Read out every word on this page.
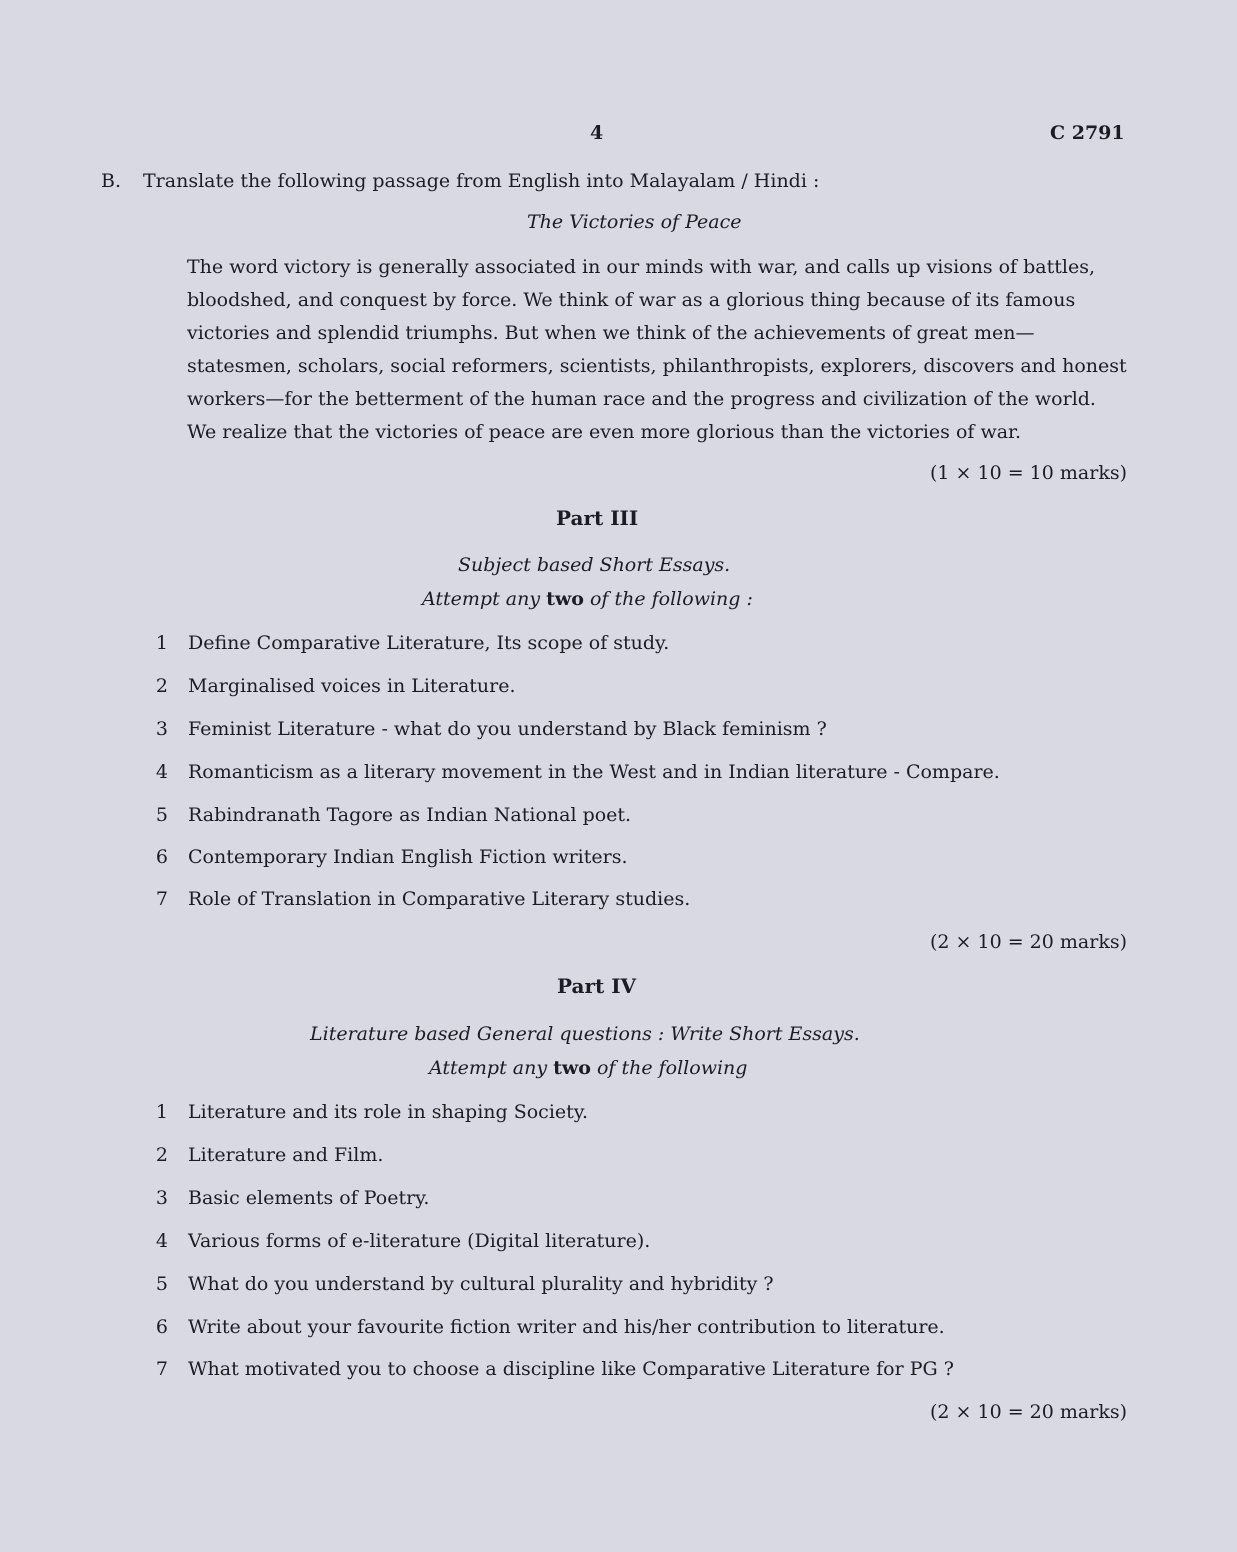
4	C 2791
B. Translate the following passage from English into Malayalam / Hindi :
The Victories of Peace

The word victory is generally associated in our minds with war, and calls up visions of battles,

bloodshed, and conquest by force. We think of war as a glorious thing because of its famous

victories and splendid triumphs. But when we think of the achievements of great men—

statesmen, scholars, social reformers, scientists, philanthropists, explorers, discovers and honest

workers—for the betterment of the human race and the progress and civilization of the world.

We realize that the victories of peace are even more glorious than the victories of war.

(1 × 10 = 10 marks)
Part III
Subject based Short Essays.
Attempt any two of the following :
1 Define Comparative Literature, Its scope of study.
2 Marginalised voices in Literature.
3 Feminist Literature - what do you understand by Black feminism ?
4 Romanticism as a literary movement in the West and in Indian literature - Compare.
5 Rabindranath Tagore as Indian National poet.
6 Contemporary Indian English Fiction writers.
7 Role of Translation in Comparative Literary studies.
(2 × 10 = 20 marks)
Part IV
Literature based General questions : Write Short Essays.
Attempt any two of the following
1 Literature and its role in shaping Society.
2 Literature and Film.
3 Basic elements of Poetry.
4 Various forms of e-literature (Digital literature).
5 What do you understand by cultural plurality and hybridity ?
6 Write about your favourite fiction writer and his/her contribution to literature.
7 What motivated you to choose a discipline like Comparative Literature for PG ?
(2 × 10 = 20 marks)
